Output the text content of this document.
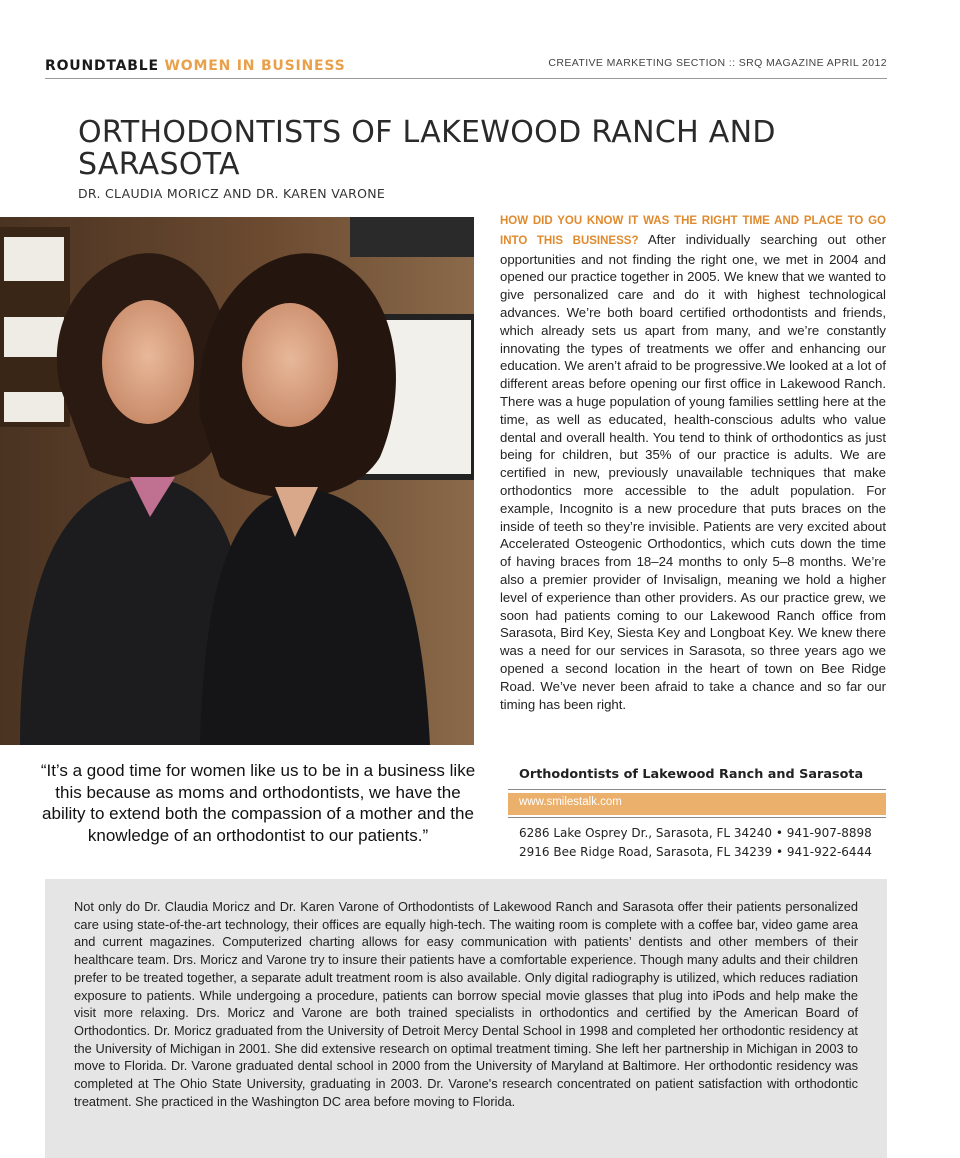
ROUNDTABLE WOMEN IN BUSINESS	CREATIVE MARKETING SECTION :: SRQ MAGAZINE APRIL 2012
ORTHODONTISTS OF LAKEWOOD RANCH AND SARASOTA
DR. CLAUDIA MORICZ AND DR. KAREN VARONE

“It’s a good time for women like us to be in a business like this because as moms and orthodontists, we have the ability to extend both the compassion of a mother and the knowledge of an orthodontist to our patients.”

HOW DID YOU KNOW IT WAS THE RIGHT TIME AND PLACE TO GO INTO THIS BUSINESS? After individually searching out other opportunities and not finding the right one, we met in 2004 and opened our practice together in 2005. We knew that we wanted to give personalized care and do it with highest technological advances. We’re both board certified orthodontists and friends, which already sets us apart from many, and we’re constantly innovating the types of treatments we offer and enhancing our education. We aren’t afraid to be progressive.We looked at a lot of different areas before opening our first office in Lakewood Ranch. There was a huge population of young families settling here at the time, as well as educated, health-conscious adults who value dental and overall health. You tend to think of orthodontics as just being for children, but 35% of our practice is adults. We are certified in new, previously unavailable techniques that make orthodontics more accessible to the adult population. For example, Incognito is a new procedure that puts braces on the inside of teeth so they’re invisible. Patients are very excited about Accelerated Osteogenic Orthodontics, which cuts down the time of having braces from 18–24 months to only 5–8 months. We’re also a premier provider of Invisalign, meaning we hold a higher level of experience than other providers. As our practice grew, we soon had patients coming to our Lakewood Ranch office from Sarasota, Bird Key, Siesta Key and Longboat Key. We knew there was a need for our services in Sarasota, so three years ago we opened a second location in the heart of town on Bee Ridge Road. We’ve never been afraid to take a chance and so far our timing has been right.

Orthodontists of Lakewood Ranch and Sarasota
www.smilestalk.com
6286 Lake Osprey Dr., Sarasota, FL 34240 • 941-907-8898
2916 Bee Ridge Road, Sarasota, FL 34239 • 941-922-6444

Not only do Dr. Claudia Moricz and Dr. Karen Varone of Orthodontists of Lakewood Ranch and Sarasota offer their patients personalized care using state-of-the-art technology, their offices are equally high-tech. The waiting room is complete with a coffee bar, video game area and current magazines. Computerized charting allows for easy communication with patients’ dentists and other members of their healthcare team. Drs. Moricz and Varone try to insure their patients have a comfortable experience. Though many adults and their children prefer to be treated together, a separate adult treatment room is also available. Only digital radiography is utilized, which reduces radiation exposure to patients. While undergoing a procedure, patients can borrow special movie glasses that plug into iPods and help make the visit more relaxing. Drs. Moricz and Varone are both trained specialists in orthodontics and certified by the American Board of Orthodontics. Dr. Moricz graduated from the University of Detroit Mercy Dental School in 1998 and completed her orthodontic residency at the University of Michigan in 2001. She did extensive research on optimal treatment timing. She left her partnership in Michigan in 2003 to move to Florida. Dr. Varone graduated dental school in 2000 from the University of Maryland at Baltimore. Her orthodontic residency was completed at The Ohio State University, graduating in 2003. Dr. Varone's research concentrated on patient satisfaction with orthodontic treatment. She practiced in the Washington DC area before moving to Florida.
